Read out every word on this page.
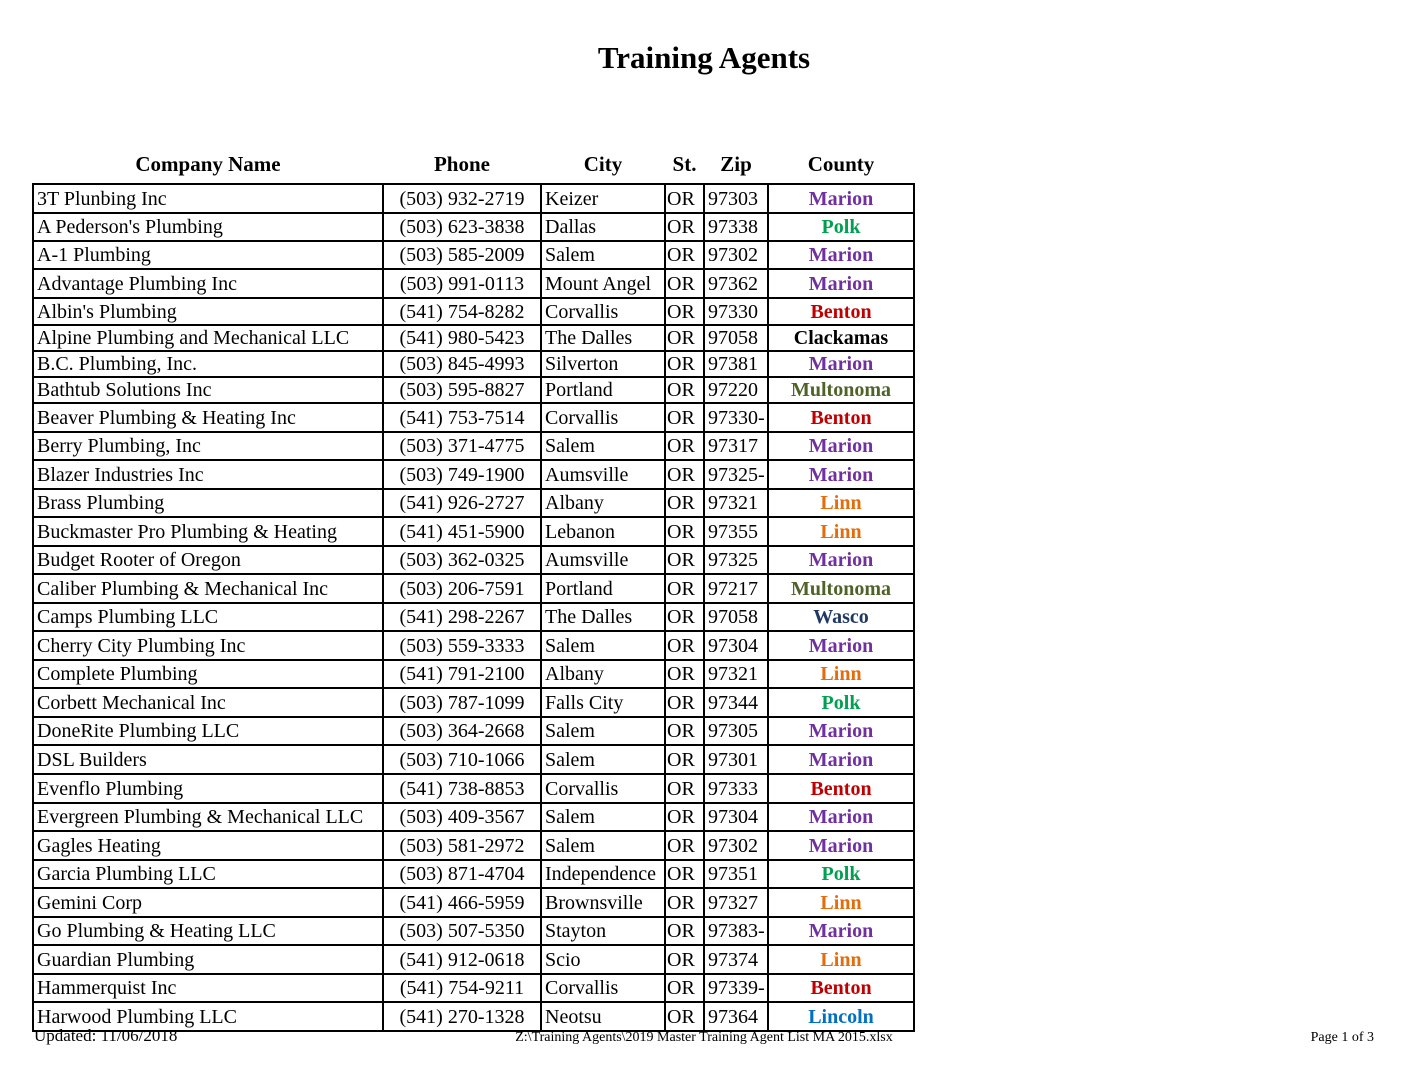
Training Agents
Company Name	Phone	City	St.	Zip	County
3T Plunbing Inc	(503) 932-2719	Keizer	OR 97303	Marion
A Pederson's Plumbing	(503) 623-3838	Dallas	OR 97338	Polk
A-1 Plumbing	(503) 585-2009	Salem	OR 97302	Marion
Advantage Plumbing Inc	(503) 991-0113	Mount Angel OR 97362	Marion
Albin's Plumbing	(541) 754-8282	Corvallis	OR 97330	Benton
Alpine Plumbing and Mechanical LLC	(541) 980-5423	The Dalles	OR 97058	Clackamas
B.C. Plumbing, Inc.	(503) 845-4993	Silverton	OR 97381	Marion
Bathtub Solutions Inc	(503) 595-8827	Portland	OR 97220	Multonoma
Beaver Plumbing & Heating Inc	(541) 753-7514	Corvallis	OR 97330-	Benton
Berry Plumbing, Inc	(503) 371-4775	Salem	OR 97317	Marion
Blazer Industries Inc	(503) 749-1900	Aumsville	OR 97325-	Marion
Brass Plumbing	(541) 926-2727	Albany	OR 97321	Linn
Buckmaster Pro Plumbing & Heating	(541) 451-5900	Lebanon	OR 97355	Linn
Budget Rooter of Oregon	(503) 362-0325	Aumsville	OR 97325	Marion
Caliber Plumbing & Mechanical Inc	(503) 206-7591	Portland	OR 97217	Multonoma
Camps Plumbing LLC	(541) 298-2267	The Dalles	OR 97058	Wasco
Cherry City Plumbing Inc	(503) 559-3333	Salem	OR 97304	Marion
Complete Plumbing	(541) 791-2100	Albany	OR 97321	Linn
Corbett Mechanical Inc	(503) 787-1099	Falls City	OR 97344	Polk
DoneRite Plumbing LLC	(503) 364-2668	Salem	OR 97305	Marion
DSL Builders	(503) 710-1066	Salem	OR 97301	Marion
Evenflo Plumbing	(541) 738-8853	Corvallis	OR 97333	Benton
Evergreen Plumbing & Mechanical LLC	(503) 409-3567	Salem	OR 97304	Marion
Gagles Heating	(503) 581-2972	Salem	OR 97302	Marion
Garcia Plumbing LLC	(503) 871-4704	Independence OR 97351	Polk
Gemini Corp	(541) 466-5959	Brownsville	OR 97327	Linn
Go Plumbing & Heating LLC	(503) 507-5350	Stayton	OR 97383-	Marion
Guardian Plumbing	(541) 912-0618	Scio	OR 97374	Linn
Hammerquist Inc	(541) 754-9211	Corvallis	OR 97339-	Benton
Harwood Plumbing LLC	(541) 270-1328	Neotsu	OR 97364	Lincoln
Updated: 11/06/2018	Z:\Training Agents\2019 Master Training Agent List MA 2015.xlsx	Page 1 of 3
